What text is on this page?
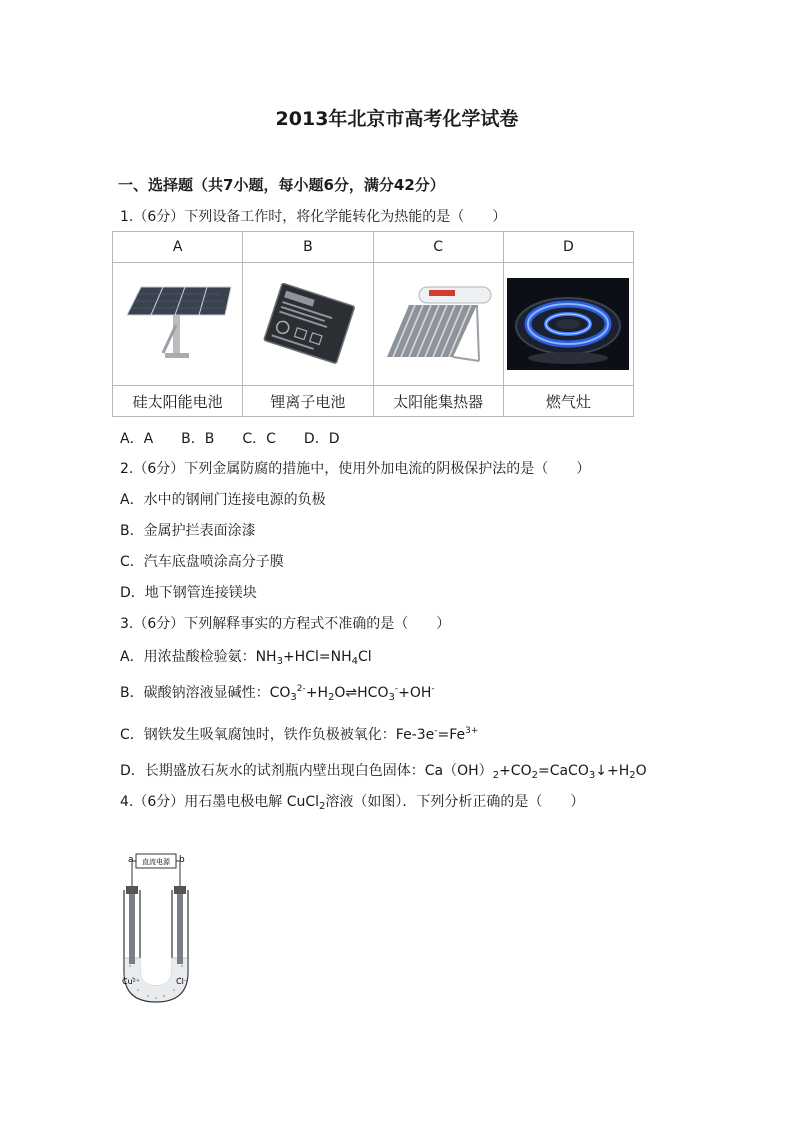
2013年北京市高考化学试卷
一、选择题（共7小题，每小题6分，满分42分）
1.（6分）下列设备工作时，将化学能转化为热能的是（　　）
A	B	C	D

硅太阳能电池	锂离子电池	太阳能集热器	燃气灶
A．A　　B．B　　C．C　　D．D
2.（6分）下列金属防腐的措施中，使用外加电流的阴极保护法的是（　　）
A．水中的钢闸门连接电源的负极
B．金属护拦表面涂漆
C．汽车底盘喷涂高分子膜
D．地下钢管连接镁块
3.（6分）下列解释事实的方程式不准确的是（　　）
A．用浓盐酸检验氨：$NH_3+HCl=NH_4Cl$
B．碳酸钠溶液显碱性：$CO_3^{2-}+H_2O\rightleftharpoons HCO_3^-+OH^-$
C．钢铁发生吸氧腐蚀时，铁作负极被氧化：$Fe-3e^-=Fe^{3+}$
D．长期盛放石灰水的试剂瓶内壁出现白色固体：$Ca(OH)_2+CO_2=CaCO_3↓+H_2O$
4.（6分）用石墨电极电解 CuCl$_2$溶液（如图）．下列分析正确的是（　　）
直流电源
a	b
Cu²⁺	Cl⁻
